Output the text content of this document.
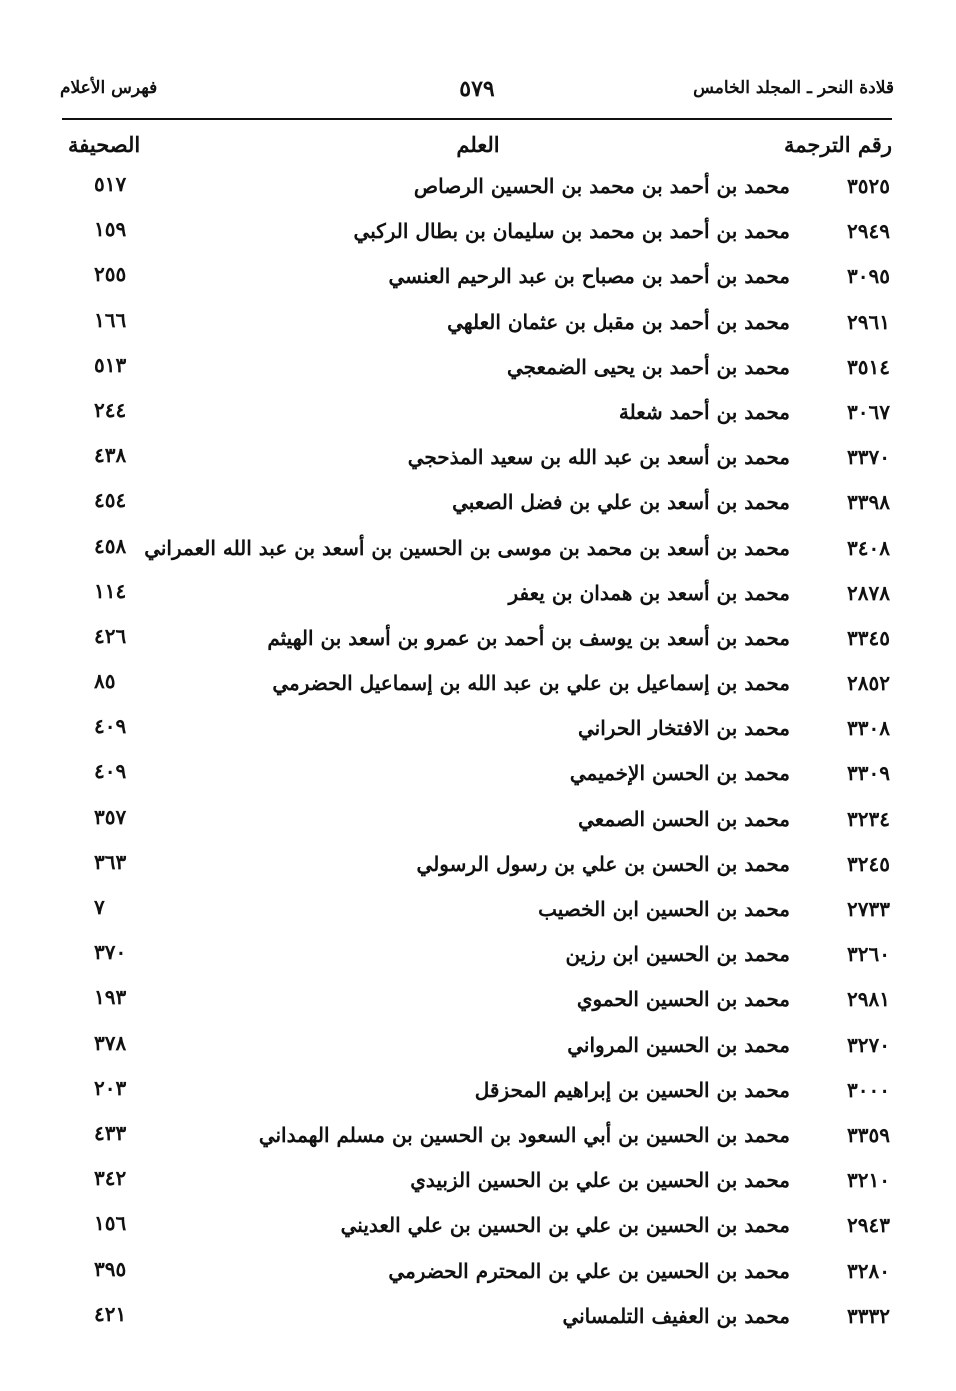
قلادة النحر ـ المجلد الخامس
٥٧٩
فهرس الأعلام
رقم الترجمة
العلم
الصحيفة
٣٥٢٥
محمد بن أحمد بن محمد بن الحسين الرصاص
٥١٧
٢٩٤٩
محمد بن أحمد بن محمد بن سليمان بن بطال الركبي
١٥٩
٣٠٩٥
محمد بن أحمد بن مصباح بن عبد الرحيم العنسي
٢٥٥
٢٩٦١
محمد بن أحمد بن مقبل بن عثمان العلهي
١٦٦
٣٥١٤
محمد بن أحمد بن يحيى الضمعجي
٥١٣
٣٠٦٧
محمد بن أحمد شعلة
٢٤٤
٣٣٧٠
محمد بن أسعد بن عبد الله بن سعيد المذحجي
٤٣٨
٣٣٩٨
محمد بن أسعد بن علي بن فضل الصعبي
٤٥٤
٣٤٠٨
محمد بن أسعد بن محمد بن موسى بن الحسين بن أسعد بن عبد الله العمراني
٤٥٨
٢٨٧٨
محمد بن أسعد بن همدان بن يعفر
١١٤
٣٣٤٥
محمد بن أسعد بن يوسف بن أحمد بن عمرو بن أسعد بن الهيثم
٤٢٦
٢٨٥٢
محمد بن إسماعيل بن علي بن عبد الله بن إسماعيل الحضرمي
٨٥
٣٣٠٨
محمد بن الافتخار الحراني
٤٠٩
٣٣٠٩
محمد بن الحسن الإخميمي
٤٠٩
٣٢٣٤
محمد بن الحسن الصمعي
٣٥٧
٣٢٤٥
محمد بن الحسن بن علي بن رسول الرسولي
٣٦٣
٢٧٣٣
محمد بن الحسين ابن الخصيب
٧
٣٢٦٠
محمد بن الحسين ابن رزين
٣٧٠
٢٩٨١
محمد بن الحسين الحموي
١٩٣
٣٢٧٠
محمد بن الحسين المرواني
٣٧٨
٣٠٠٠
محمد بن الحسين بن إبراهيم المحزقل
٢٠٣
٣٣٥٩
محمد بن الحسين بن أبي السعود بن الحسين بن مسلم الهمداني
٤٣٣
٣٢١٠
محمد بن الحسين بن علي بن الحسين الزبيدي
٣٤٢
٢٩٤٣
محمد بن الحسين بن علي بن الحسين بن علي العديني
١٥٦
٣٢٨٠
محمد بن الحسين بن علي بن المحترم الحضرمي
٣٩٥
٣٣٣٢
محمد بن العفيف التلمساني
٤٢١
